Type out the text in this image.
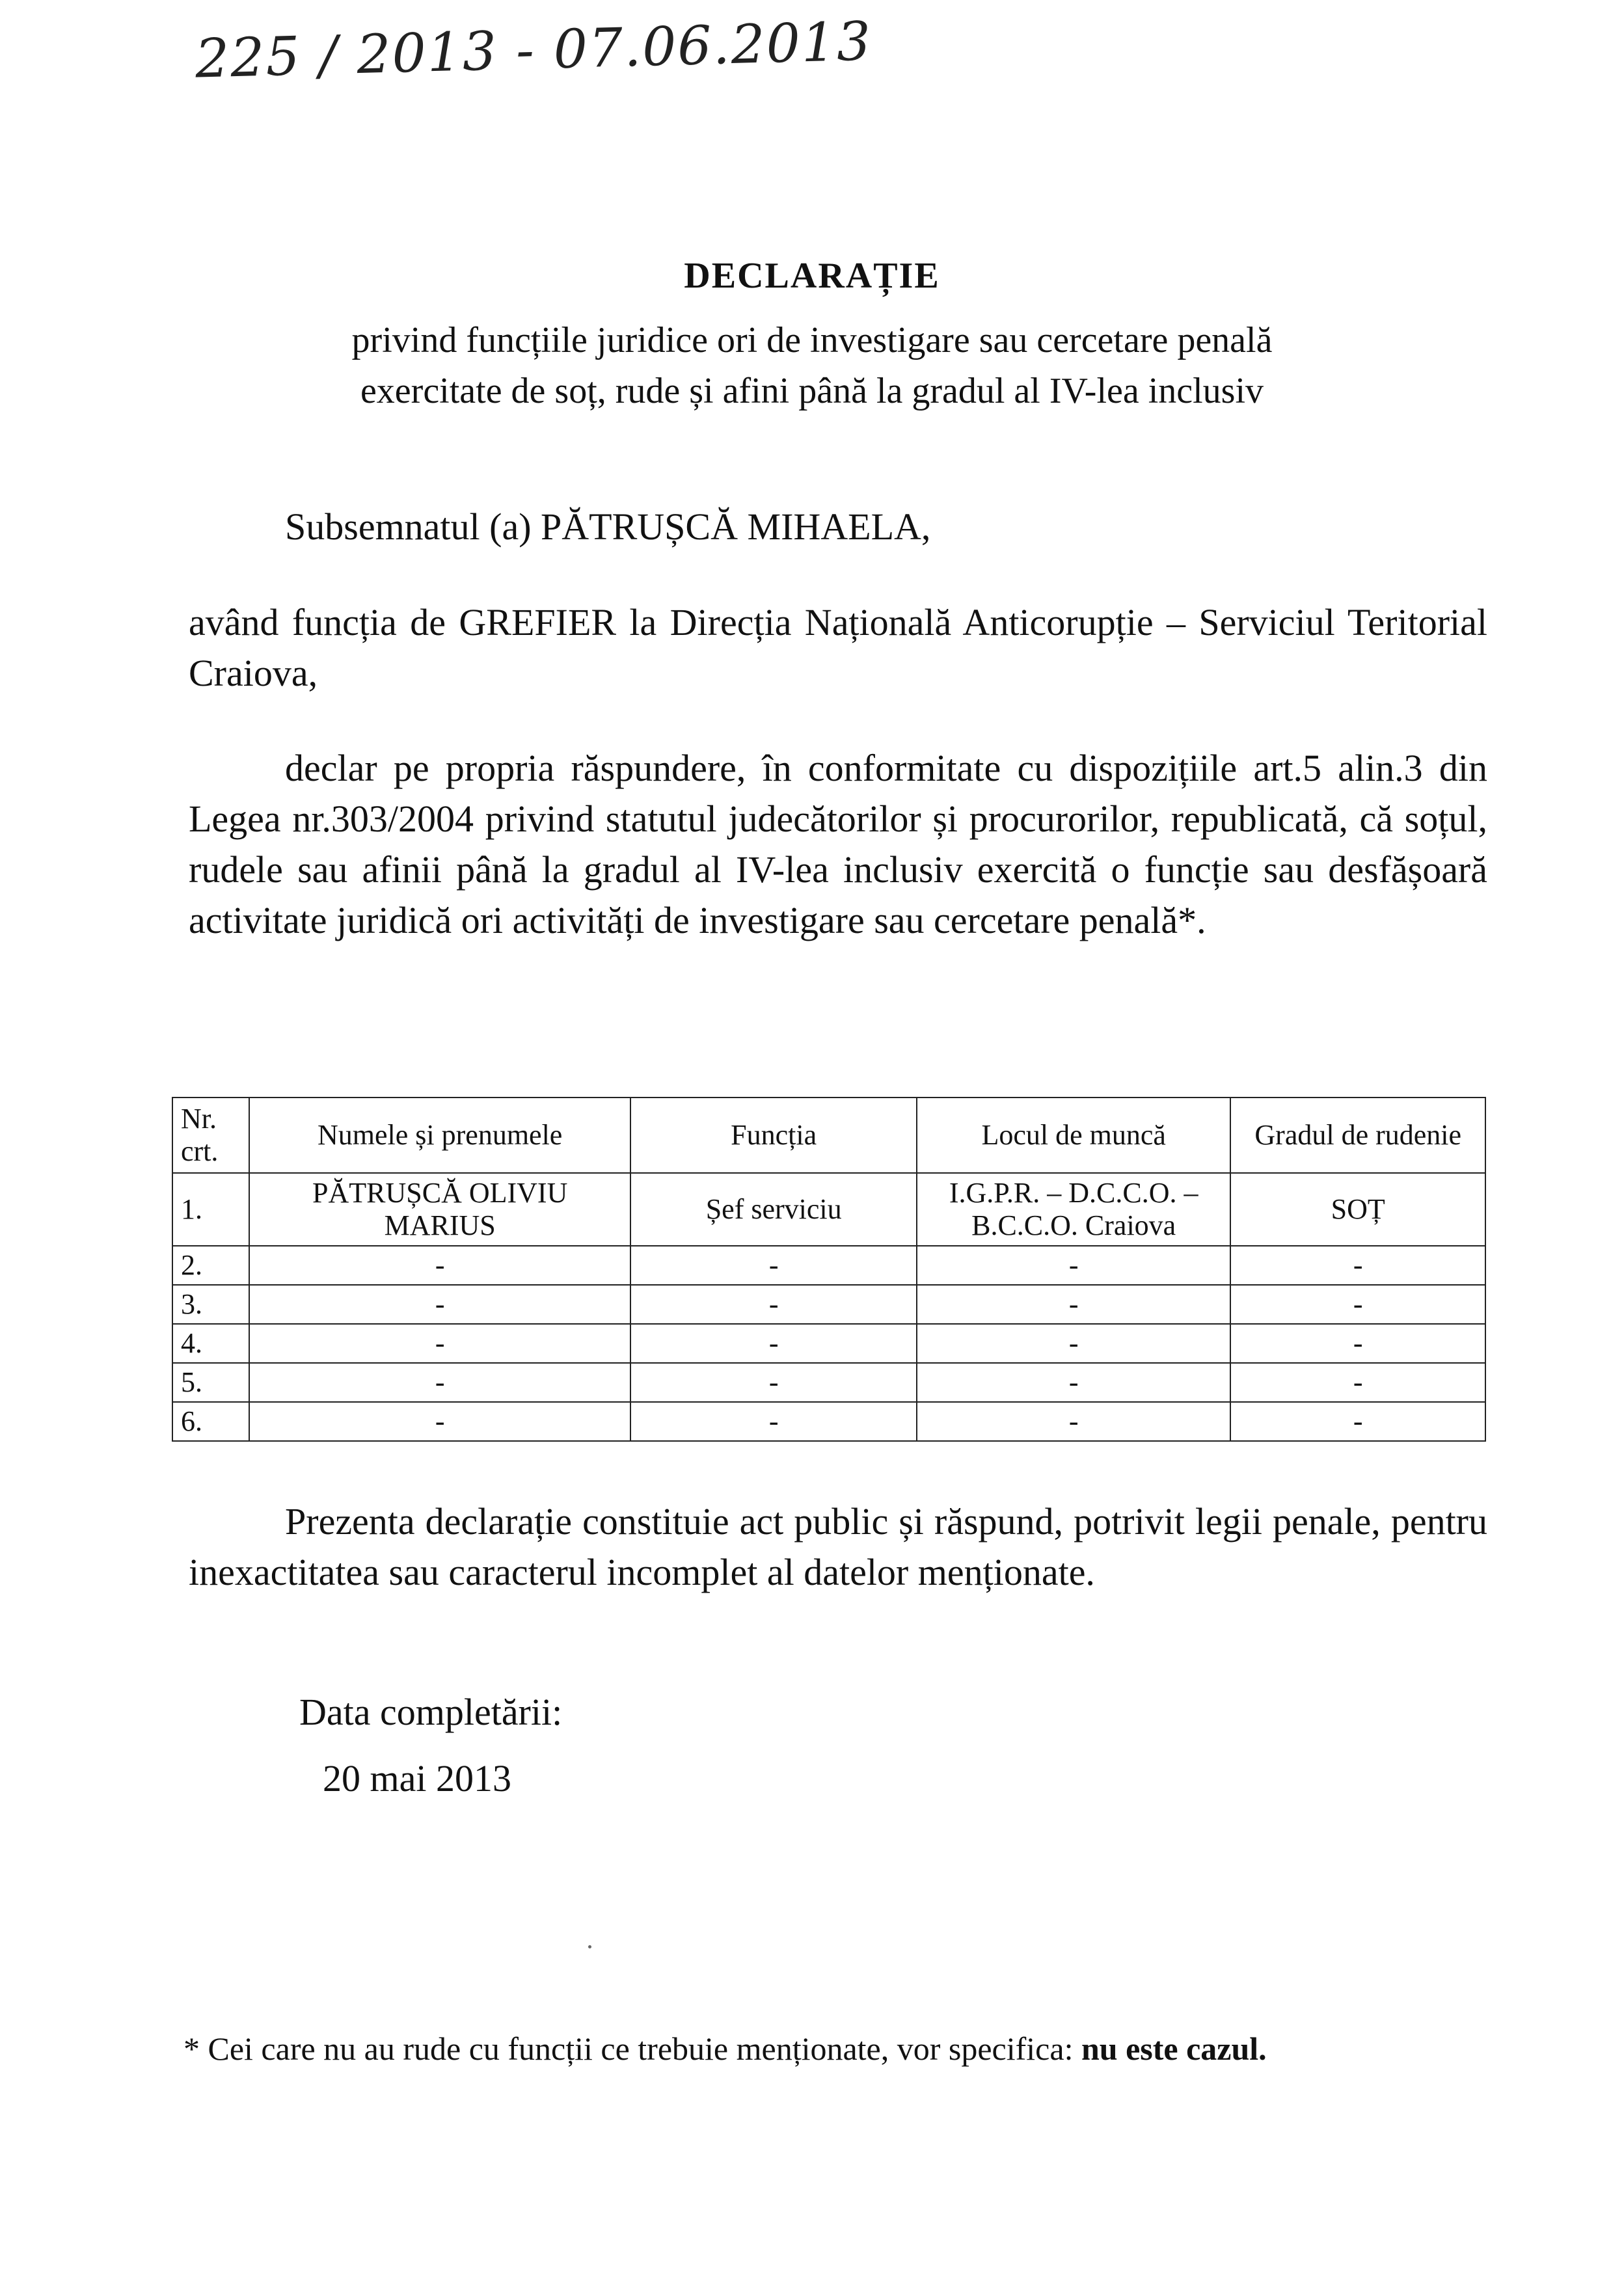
225 / 2013 - 07.06.2013
DECLARAȚIE
privind funcțiile juridice ori de investigare sau cercetare penală
exercitate de soț, rude și afini până la gradul al IV-lea inclusiv
Subsemnatul (a) PĂTRUȘCĂ MIHAELA,
având funcția de GREFIER la Direcția Națională Anticorupție – Serviciul Teritorial Craiova,
declar pe propria răspundere, în conformitate cu dispozițiile art.5 alin.3 din Legea nr.303/2004 privind statutul judecătorilor și procurorilor, republicată, că soțul, rudele sau afinii până la gradul al IV-lea inclusiv exercită o funcție sau desfășoară activitate juridică ori activități de investigare sau cercetare penală*.
Nr. crt.	Numele și prenumele	Funcția	Locul de muncă	Gradul de rudenie
1.	PĂTRUȘCĂ OLIVIU MARIUS	Șef serviciu	I.G.P.R. – D.C.C.O. – B.C.C.O. Craiova	SOȚ
2.	-	-	-	-
3.	-	-	-	-
4.	-	-	-	-
5.	-	-	-	-
6.	-	-	-	-
Prezenta declarație constituie act public și răspund, potrivit legii penale, pentru inexactitatea sau caracterul incomplet al datelor menționate.
Data completării:
20 mai 2013
* Cei care nu au rude cu funcții ce trebuie menționate, vor specifica: nu este cazul.
